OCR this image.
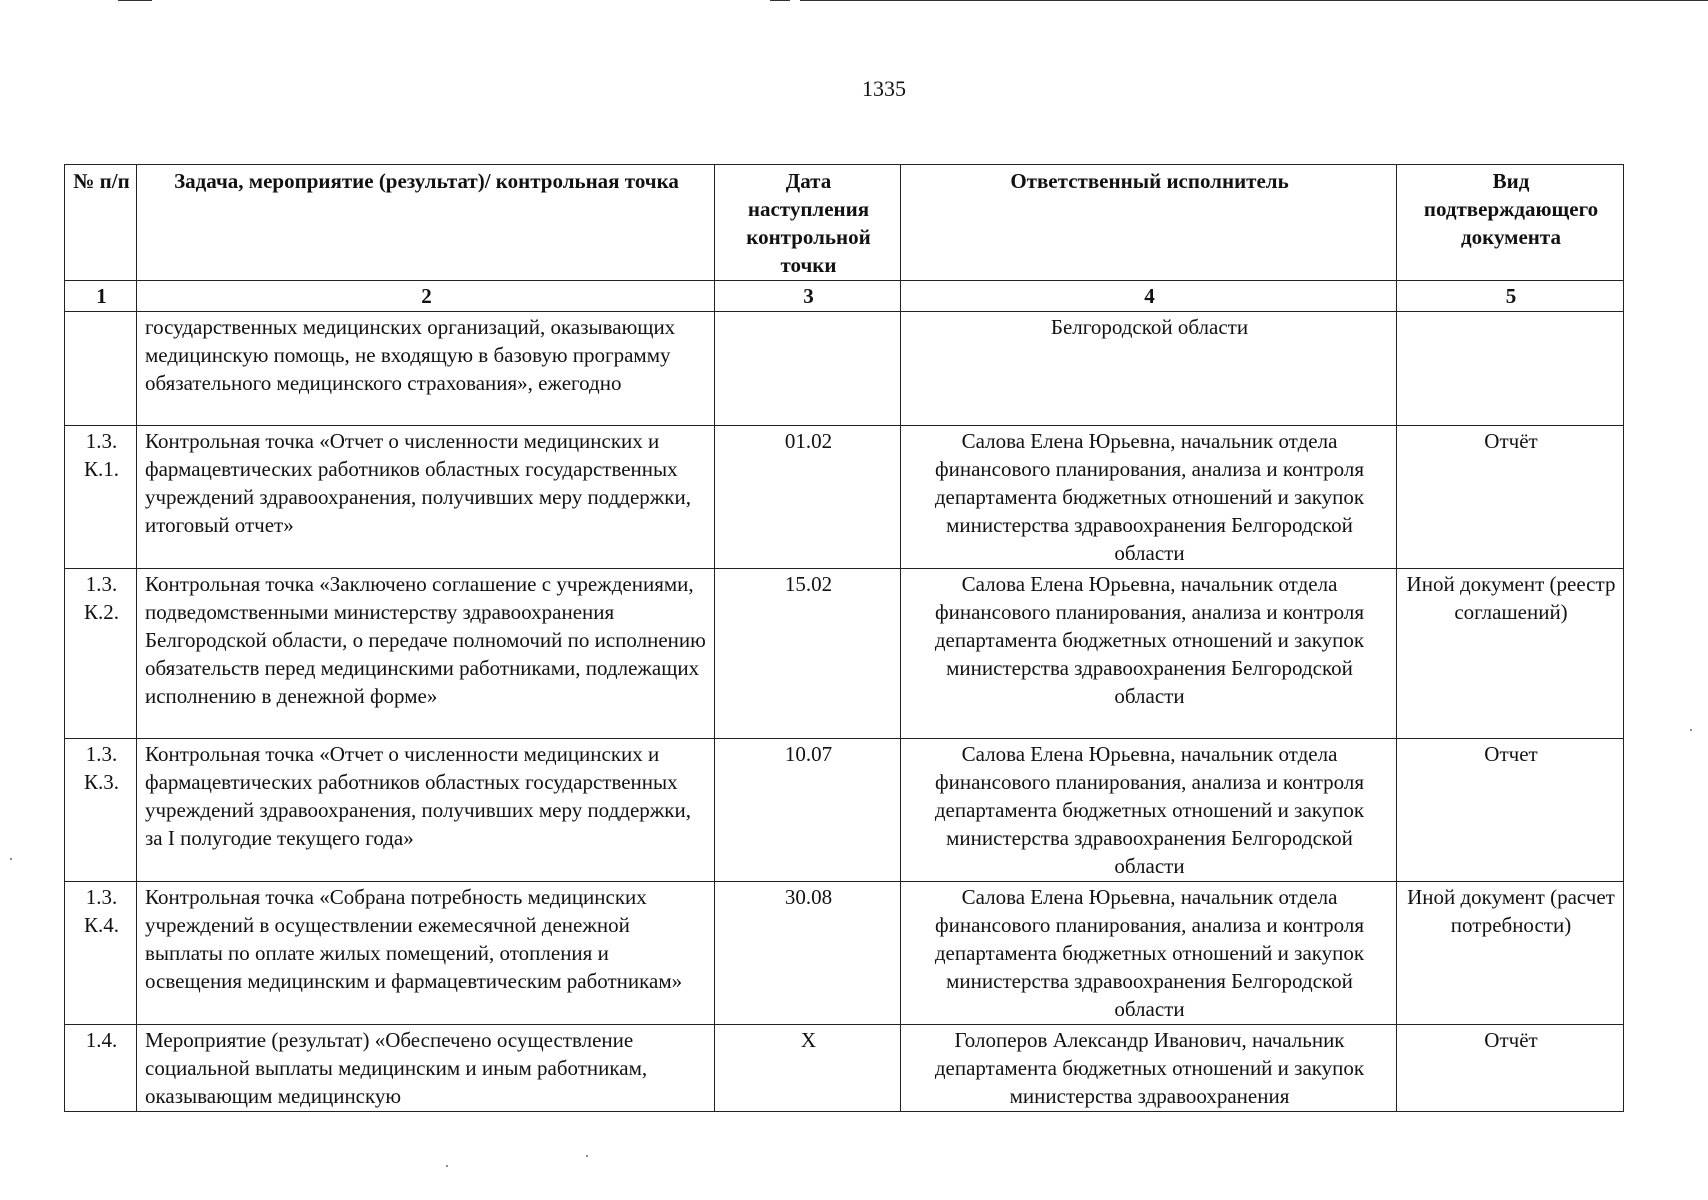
1335
№ п/п	Задача, мероприятие (результат)/ контрольная точка	Дата наступления контрольной точки	Ответственный исполнитель	Вид подтверждающего документа
1	2	3	4	5
	государственных медицинских организаций, оказывающих медицинскую помощь, не входящую в базовую программу обязательного медицинского страхования», ежегодно		Белгородской области	
1.3. К.1.	Контрольная точка «Отчет о численности медицинских и фармацевтических работников областных государственных учреждений здравоохранения, получивших меру поддержки, итоговый отчет»	01.02	Салова Елена Юрьевна, начальник отдела финансового планирования, анализа и контроля департамента бюджетных отношений и закупок министерства здравоохранения Белгородской области	Отчёт
1.3. К.2.	Контрольная точка «Заключено соглашение с учреждениями, подведомственными министерству здравоохранения Белгородской области, о передаче полномочий по исполнению обязательств перед медицинскими работниками, подлежащих исполнению в денежной форме»	15.02	Салова Елена Юрьевна, начальник отдела финансового планирования, анализа и контроля департамента бюджетных отношений и закупок министерства здравоохранения Белгородской области	Иной документ (реестр соглашений)
1.3. К.3.	Контрольная точка «Отчет о численности медицинских и фармацевтических работников областных государственных учреждений здравоохранения, получивших меру поддержки, за I полугодие текущего года»	10.07	Салова Елена Юрьевна, начальник отдела финансового планирования, анализа и контроля департамента бюджетных отношений и закупок министерства здравоохранения Белгородской области	Отчет
1.3. К.4.	Контрольная точка «Собрана потребность медицинских учреждений в осуществлении ежемесячной денежной выплаты по оплате жилых помещений, отопления и освещения медицинским и фармацевтическим работникам»	30.08	Салова Елена Юрьевна, начальник отдела финансового планирования, анализа и контроля департамента бюджетных отношений и закупок министерства здравоохранения Белгородской области	Иной документ (расчет потребности)
1.4.	Мероприятие (результат) «Обеспечено осуществление социальной выплаты медицинским и иным работникам, оказывающим медицинскую	Х	Голоперов Александр Иванович, начальник департамента бюджетных отношений и закупок министерства здравоохранения	Отчёт
